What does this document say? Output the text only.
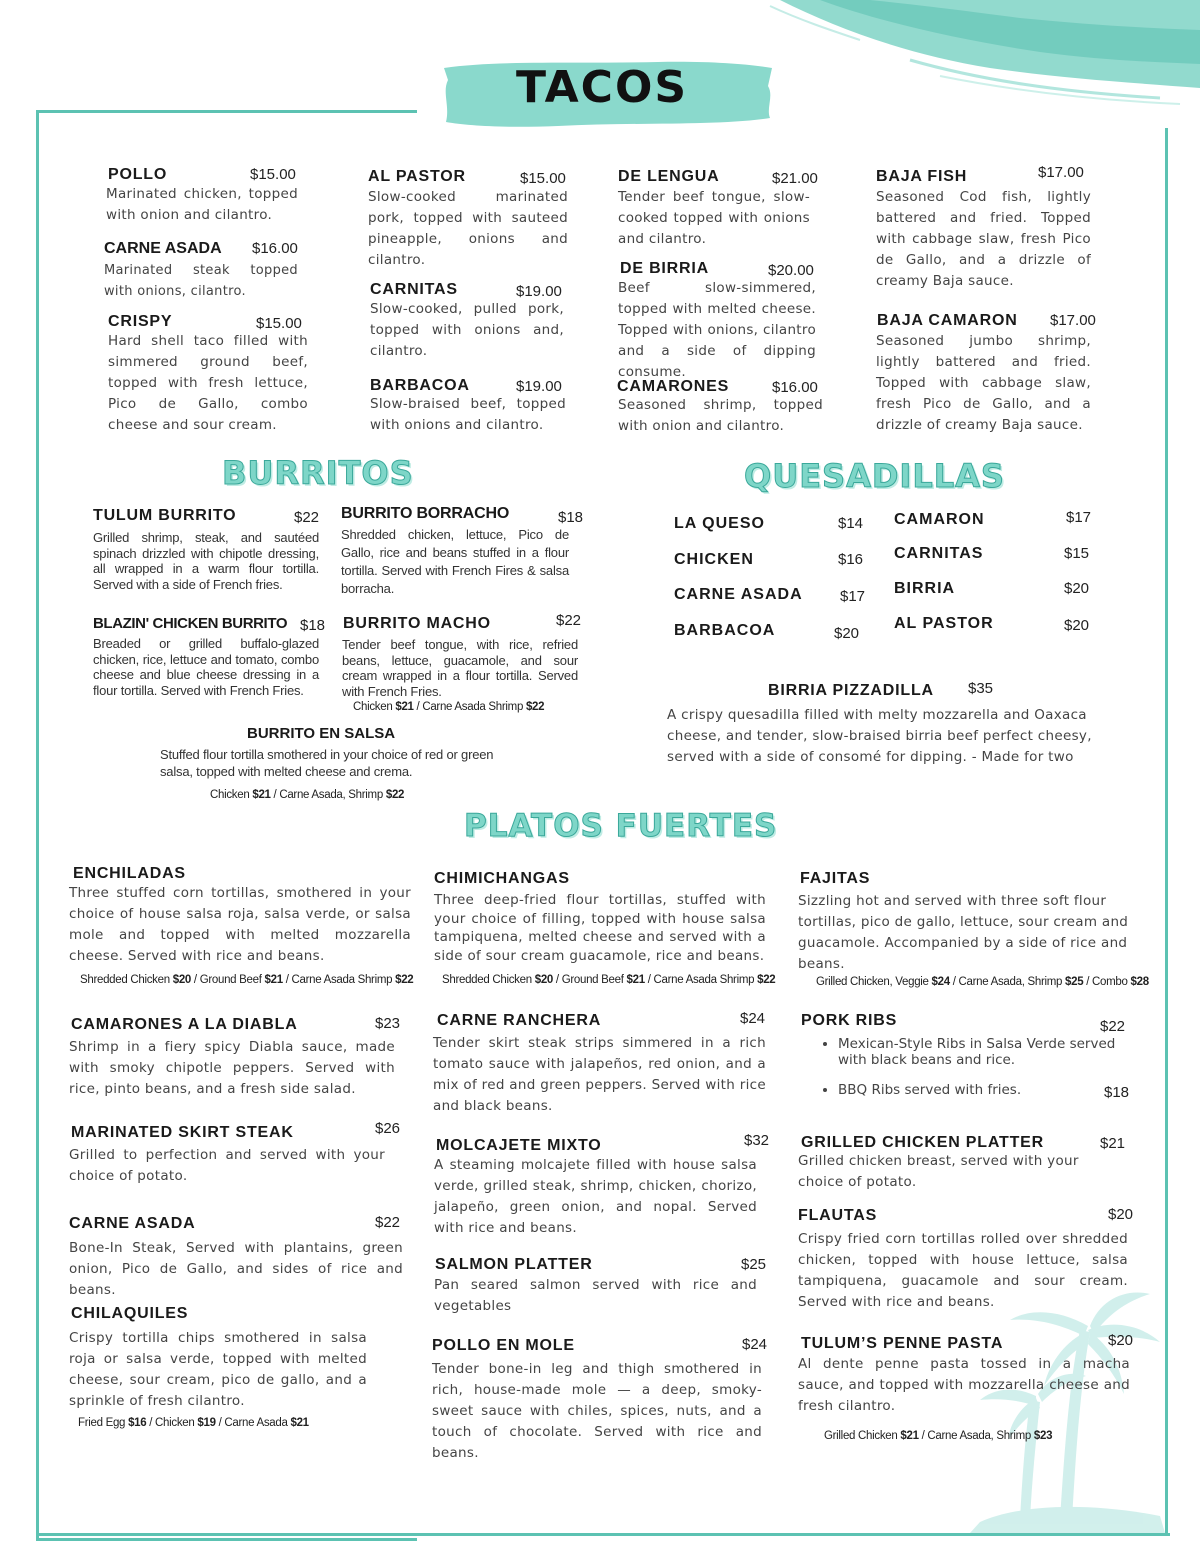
TACOS
POLLO	$15.00
Marinated chicken, topped with onion and cilantro.
CARNE ASADA $16.00
Marinated steak topped with onions, cilantro.
CRISPY	$15.00
Hard shell taco filled with simmered ground beef, topped with fresh lettuce, Pico de Gallo, combo cheese and sour cream.
AL PASTOR	$15.00
Slow-cooked marinated pork, topped with sauteed pineapple, onions and cilantro.
CARNITAS	$19.00
Slow-cooked, pulled pork, topped with onions and, cilantro.
BARBACOA	$19.00
Slow-braised beef, topped with onions and cilantro.
DE LENGUA	$21.00
Tender beef tongue, slow-cooked topped with onions and cilantro.
DE BIRRIA	$20.00
Beef slow-simmered, topped with melted cheese. Topped with onions, cilantro and a side of dipping consume.
CAMARONES	$16.00
Seasoned shrimp, topped with onion and cilantro.
BAJA FISH	$17.00
Seasoned Cod fish, lightly battered and fried. Topped with cabbage slaw, fresh Pico de Gallo, and a drizzle of creamy Baja sauce.
BAJA CAMARON $17.00
Seasoned jumbo shrimp, lightly battered and fried. Topped with cabbage slaw, fresh Pico de Gallo, and a drizzle of creamy Baja sauce.
BURRITOS
TULUM BURRITO	$22
Grilled shrimp, steak, and sautéed spinach drizzled with chipotle dressing, all wrapped in a warm flour tortilla. Served with a side of French fries.
BLAZIN' CHICKEN BURRITO $18
Breaded or grilled buffalo-glazed chicken, rice, lettuce and tomato, combo cheese and blue cheese dressing in a flour tortilla. Served with French Fries.
BURRITO BORRACHO	$18
Shredded chicken, lettuce, Pico de Gallo, rice and beans stuffed in a flour tortilla. Served with French Fires & salsa borracha.
BURRITO MACHO	$22
Tender beef tongue, with rice, refried beans, lettuce, guacamole, and sour cream wrapped in a flour tortilla. Served with French Fries.
Chicken $21 / Carne Asada Shrimp $22
BURRITO EN SALSA
Stuffed flour tortilla smothered in your choice of red or green salsa, topped with melted cheese and crema.
Chicken $21 / Carne Asada, Shrimp $22
QUESADILLAS
LA QUESO	$14
CHICKEN	$16
CARNE ASADA $17
BARBACOA	$20
CAMARON	$17
CARNITAS	$15
BIRRIA	$20
AL PASTOR	$20
BIRRIA PIZZADILLA $35
A crispy quesadilla filled with melty mozzarella and Oaxaca cheese, and tender, slow-braised birria beef perfect cheesy, served with a side of consomé for dipping. - Made for two
PLATOS FUERTES
ENCHILADAS
Three stuffed corn tortillas, smothered in your choice of house salsa roja, salsa verde, or salsa mole and topped with melted mozzarella cheese. Served with rice and beans.
Shredded Chicken $20 / Ground Beef $21 / Carne Asada Shrimp $22
CAMARONES A LA DIABLA	$23
Shrimp in a fiery spicy Diabla sauce, made with smoky chipotle peppers. Served with rice, pinto beans, and a fresh side salad.
MARINATED SKIRT STEAK	$26
Grilled to perfection and served with your choice of potato.
CARNE ASADA	$22
Bone-In Steak, Served with plantains, green onion, Pico de Gallo, and sides of rice and beans.
CHILAQUILES
Crispy tortilla chips smothered in salsa roja or salsa verde, topped with melted cheese, sour cream, pico de gallo, and a sprinkle of fresh cilantro.
Fried Egg $16 / Chicken $19 / Carne Asada $21
CHIMICHANGAS
Three deep-fried flour tortillas, stuffed with your choice of filling, topped with house salsa tampiquena, melted cheese and served with a side of sour cream guacamole, rice and beans.
Shredded Chicken $20 / Ground Beef $21 / Carne Asada Shrimp $22
CARNE RANCHERA	$24
Tender skirt steak strips simmered in a rich tomato sauce with jalapeños, red onion, and a mix of red and green peppers. Served with rice and black beans.
MOLCAJETE MIXTO	$32
A steaming molcajete filled with house salsa verde, grilled steak, shrimp, chicken, chorizo, jalapeño, green onion, and nopal. Served with rice and beans.
SALMON PLATTER	$25
Pan seared salmon served with rice and vegetables
POLLO EN MOLE	$24
Tender bone-in leg and thigh smothered in rich, house-made mole — a deep, smoky-sweet sauce with chiles, spices, nuts, and a touch of chocolate. Served with rice and beans.
FAJITAS
Sizzling hot and served with three soft flour tortillas, pico de gallo, lettuce, sour cream and guacamole. Accompanied by a side of rice and beans.
Grilled Chicken, Veggie $24 / Carne Asada, Shrimp $25 / Combo $28
PORK RIBS	$22
• Mexican-Style Ribs in Salsa Verde served with black beans and rice.
• BBQ Ribs served with fries.	$18
GRILLED CHICKEN PLATTER	$21
Grilled chicken breast, served with your choice of potato.
FLAUTAS	$20
Crispy fried corn tortillas rolled over shredded chicken, topped with house lettuce, salsa tampiquena, guacamole and sour cream. Served with rice and beans.
TULUM’S PENNE PASTA	$20
Al dente penne pasta tossed in a macha sauce, and topped with mozzarella cheese and fresh cilantro.
Grilled Chicken $21 / Carne Asada, Shrimp $23
